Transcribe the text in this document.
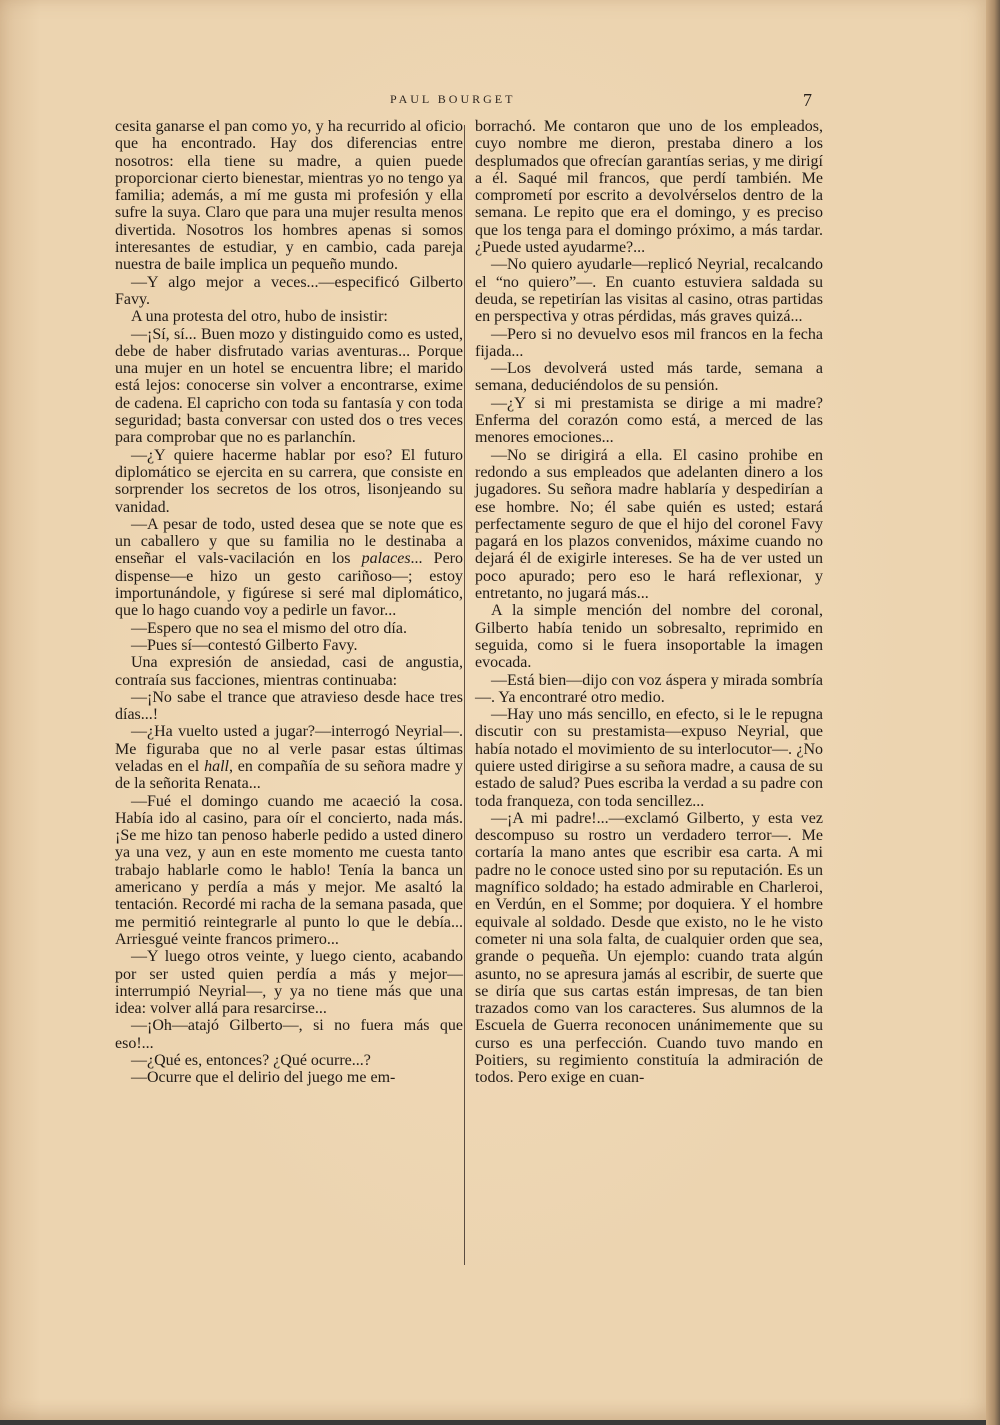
PAUL BOURGET	7

cesita ganarse el pan como yo, y ha recurrido al oficio que ha encontrado. Hay dos diferencias entre nosotros: ella tiene su madre, a quien puede proporcionar cierto bienestar, mientras yo no tengo ya familia; además, a mí me gusta mi profesión y ella sufre la suya. Claro que para una mujer resulta menos divertida. Nosotros los hombres apenas si somos interesantes de estudiar, y en cambio, cada pareja nuestra de baile implica un pequeño mundo.

—Y algo mejor a veces...—especificó Gilberto Favy.

A una protesta del otro, hubo de insistir:

—¡Sí, sí... Buen mozo y distinguido como es usted, debe de haber disfrutado varias aventuras... Porque una mujer en un hotel se encuentra libre; el marido está lejos: conocerse sin volver a encontrarse, exime de cadena. El capricho con toda su fantasía y con toda seguridad; basta conversar con usted dos o tres veces para comprobar que no es parlanchín.

—¿Y quiere hacerme hablar por eso? El futuro diplomático se ejercita en su carrera, que consiste en sorprender los secretos de los otros, lisonjeando su vanidad.

—A pesar de todo, usted desea que se note que es un caballero y que su familia no le destinaba a enseñar el vals-vacilación en los palaces... Pero dispense—e hizo un gesto cariñoso—; estoy importunándole, y figúrese si seré mal diplomático, que lo hago cuando voy a pedirle un favor...

—Espero que no sea el mismo del otro día.

—Pues sí—contestó Gilberto Favy.

Una expresión de ansiedad, casi de angustia, contraía sus facciones, mientras continuaba:

—¡No sabe el trance que atravieso desde hace tres días...!

—¿Ha vuelto usted a jugar?—interrogó Neyrial—. Me figuraba que no al verle pasar estas últimas veladas en el hall, en compañía de su señora madre y de la señorita Renata...

—Fué el domingo cuando me acaeció la cosa. Había ido al casino, para oír el concierto, nada más. ¡Se me hizo tan penoso haberle pedido a usted dinero ya una vez, y aun en este momento me cuesta tanto trabajo hablarle como le hablo! Tenía la banca un americano y perdía a más y mejor. Me asaltó la tentación. Recordé mi racha de la semana pasada, que me permitió reintegrarle al punto lo que le debía... Arriesgué veinte francos primero...

—Y luego otros veinte, y luego ciento, acabando por ser usted quien perdía a más y mejor—interrumpió Neyrial—, y ya no tiene más que una idea: volver allá para resarcirse...

—¡Oh—atajó Gilberto—, si no fuera más que eso!...

—¿Qué es, entonces? ¿Qué ocurre...?

—Ocurre que el delirio del juego me em-

borrachó. Me contaron que uno de los empleados, cuyo nombre me dieron, prestaba dinero a los desplumados que ofrecían garantías serias, y me dirigí a él. Saqué mil francos, que perdí también. Me comprometí por escrito a devolvérselos dentro de la semana. Le repito que era el domingo, y es preciso que los tenga para el domingo próximo, a más tardar. ¿Puede usted ayudarme?...

—No quiero ayudarle—replicó Neyrial, recalcando el “no quiero”—. En cuanto estuviera saldada su deuda, se repetirían las visitas al casino, otras partidas en perspectiva y otras pérdidas, más graves quizá...

—Pero si no devuelvo esos mil francos en la fecha fijada...

—Los devolverá usted más tarde, semana a semana, deduciéndolos de su pensión.

—¿Y si mi prestamista se dirige a mi madre? Enferma del corazón como está, a merced de las menores emociones...

—No se dirigirá a ella. El casino prohibe en redondo a sus empleados que adelanten dinero a los jugadores. Su señora madre hablaría y despedirían a ese hombre. No; él sabe quién es usted; estará perfectamente seguro de que el hijo del coronel Favy pagará en los plazos convenidos, máxime cuando no dejará él de exigirle intereses. Se ha de ver usted un poco apurado; pero eso le hará reflexionar, y entretanto, no jugará más...

A la simple mención del nombre del coronal, Gilberto había tenido un sobresalto, reprimido en seguida, como si le fuera insoportable la imagen evocada.

—Está bien—dijo con voz áspera y mirada sombría—. Ya encontraré otro medio.

—Hay uno más sencillo, en efecto, si le le repugna discutir con su prestamista—expuso Neyrial, que había notado el movimiento de su interlocutor—. ¿No quiere usted dirigirse a su señora madre, a causa de su estado de salud? Pues escriba la verdad a su padre con toda franqueza, con toda sencillez...

—¡A mi padre!...—exclamó Gilberto, y esta vez descompuso su rostro un verdadero terror—. Me cortaría la mano antes que escribir esa carta. A mi padre no le conoce usted sino por su reputación. Es un magnífico soldado; ha estado admirable en Charleroi, en Verdún, en el Somme; por doquiera. Y el hombre equivale al soldado. Desde que existo, no le he visto cometer ni una sola falta, de cualquier orden que sea, grande o pequeña. Un ejemplo: cuando trata algún asunto, no se apresura jamás al escribir, de suerte que se diría que sus cartas están impresas, de tan bien trazados como van los caracteres. Sus alumnos de la Escuela de Guerra reconocen unánimemente que su curso es una perfección. Cuando tuvo mando en Poitiers, su regimiento constituía la admiración de todos. Pero exige en cuan-
